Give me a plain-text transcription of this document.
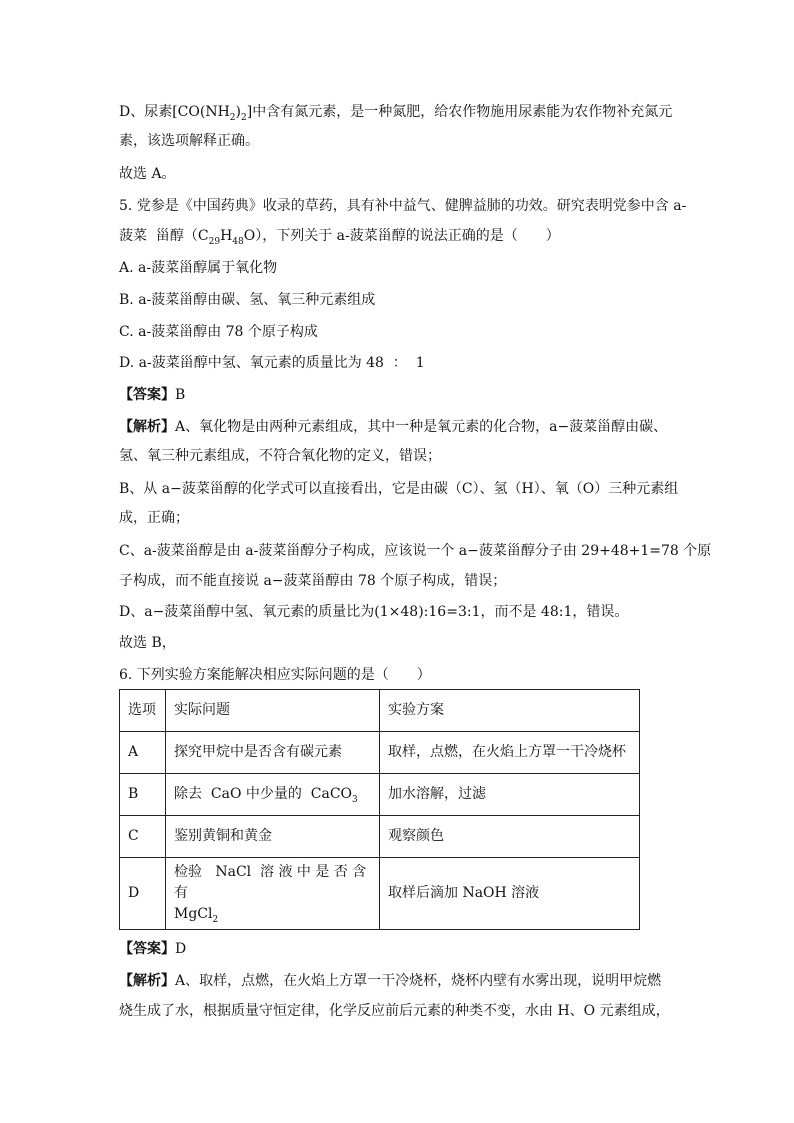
D、尿素$[CO(NH_2)_2]$中含有氮元素，是一种氮肥，给农作物施用尿素能为农作物补充氮元
素，该选项解释正确。
故选 A。
5. 党参是《中国药典》收录的草药，具有补中益气、健脾益肺的功效。研究表明党参中含 a-
菠菜  甾醇$(C_{29}H_{48}O)$，下列关于 a-菠菜甾醇的说法正确的是（　　）
A. a-菠菜甾醇属于氧化物
B. a-菠菜甾醇由碳、氢、氧三种元素组成
C. a-菠菜甾醇由 78 个原子构成
D. a-菠菜甾醇中氢、氧元素的质量比为 48  ：  1
【答案】B
【解析】A、氧化物是由两种元素组成，其中一种是氧元素的化合物，a−菠菜甾醇由碳、
氢、氧三种元素组成，不符合氧化物的定义，错误；
B、从 a−菠菜甾醇的化学式可以直接看出，它是由碳（C）、氢（H）、氧（O）三种元素组
成，正确；
C、a-菠菜甾醇是由 a-菠菜甾醇分子构成，应该说一个 a−菠菜甾醇分子由 29+48+1=78 个原
子构成，而不能直接说 a−菠菜甾醇由 78 个原子构成，错误；
D、a−菠菜甾醇中氢、氧元素的质量比为(1×48):16=3:1，而不是 48:1，错误。
故选 B，
6. 下列实验方案能解决相应实际问题的是（　　）
选项	实际问题	实验方案
A	探究甲烷中是否含有碳元素	取样，点燃，在火焰上方罩一干冷烧杯
B	除去  CaO 中少量的  CaCO$_3$	加水溶解，过滤
C	鉴别黄铜和黄金	观察颜色
D	检验   NaCl  溶 液 中 是 否 含 有
MgCl$_2$	取样后滴加 NaOH 溶液
【答案】D
【解析】A、取样，点燃，在火焰上方罩一干冷烧杯，烧杯内壁有水雾出现，说明甲烷燃
烧生成了水，根据质量守恒定律，化学反应前后元素的种类不变，水由 H、O 元素组成，
